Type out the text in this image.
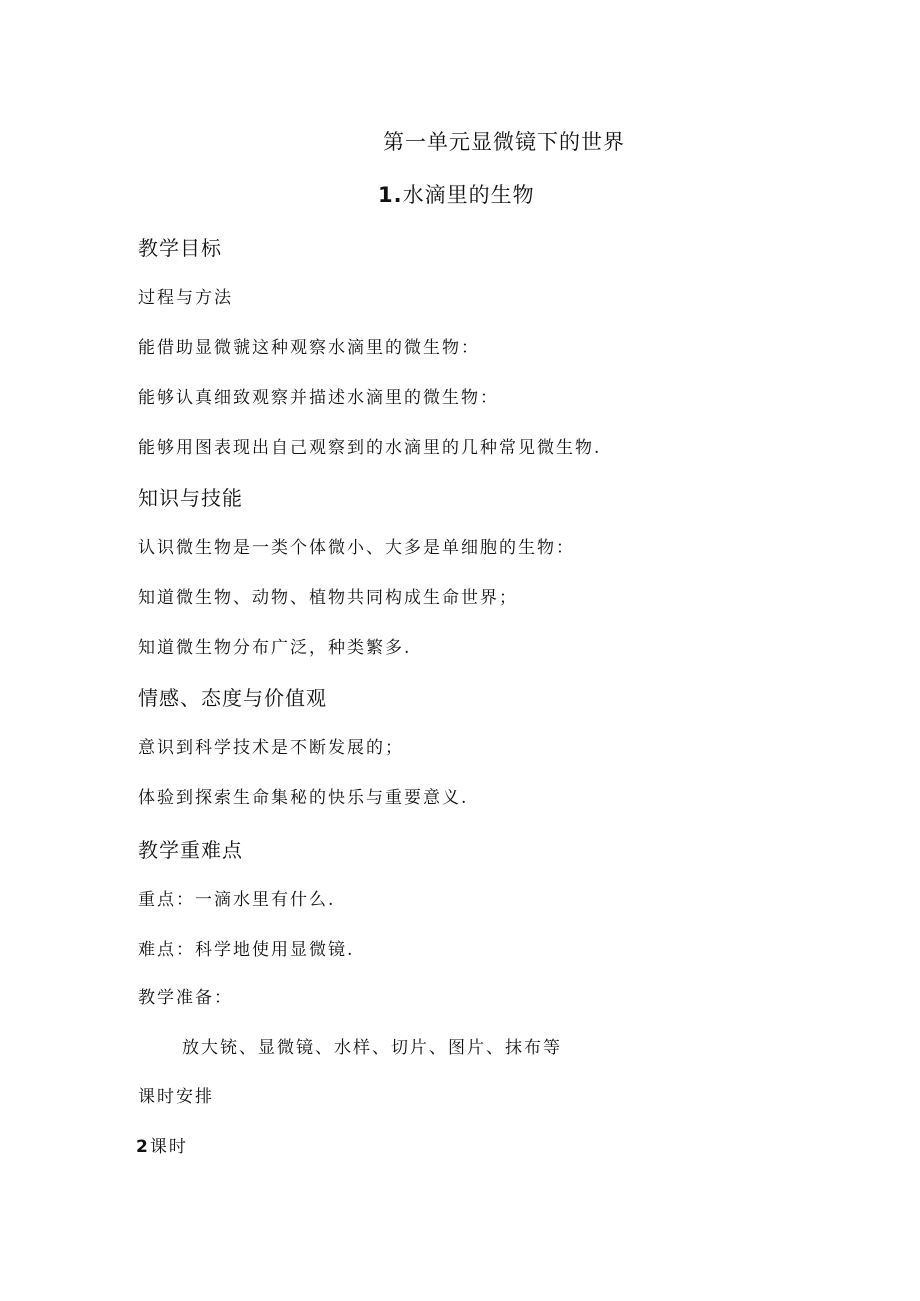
第一单元显微镜下的世界
1.水滴里的生物
教学目标
过程与方法
能借助显微虢这种观察水滴里的微生物：
能够认真细致观察并描述水滴里的微生物：
能够用图表现出自己观察到的水滴里的几种常见微生物.
知识与技能
认识微生物是一类个体微小、大多是单细胞的生物：
知道微生物、动物、植物共同构成生命世界；
知道微生物分布广泛，种类繁多.
情感、态度与价值观
意识到科学技术是不断发展的；
体验到探索生命集秘的快乐与重要意义.
教学重难点
重点：一滴水里有什么.
难点：科学地使用显微镜.
教学准备：
放大铳、显微镜、水样、切片、图片、抹布等
课时安排
2课时
